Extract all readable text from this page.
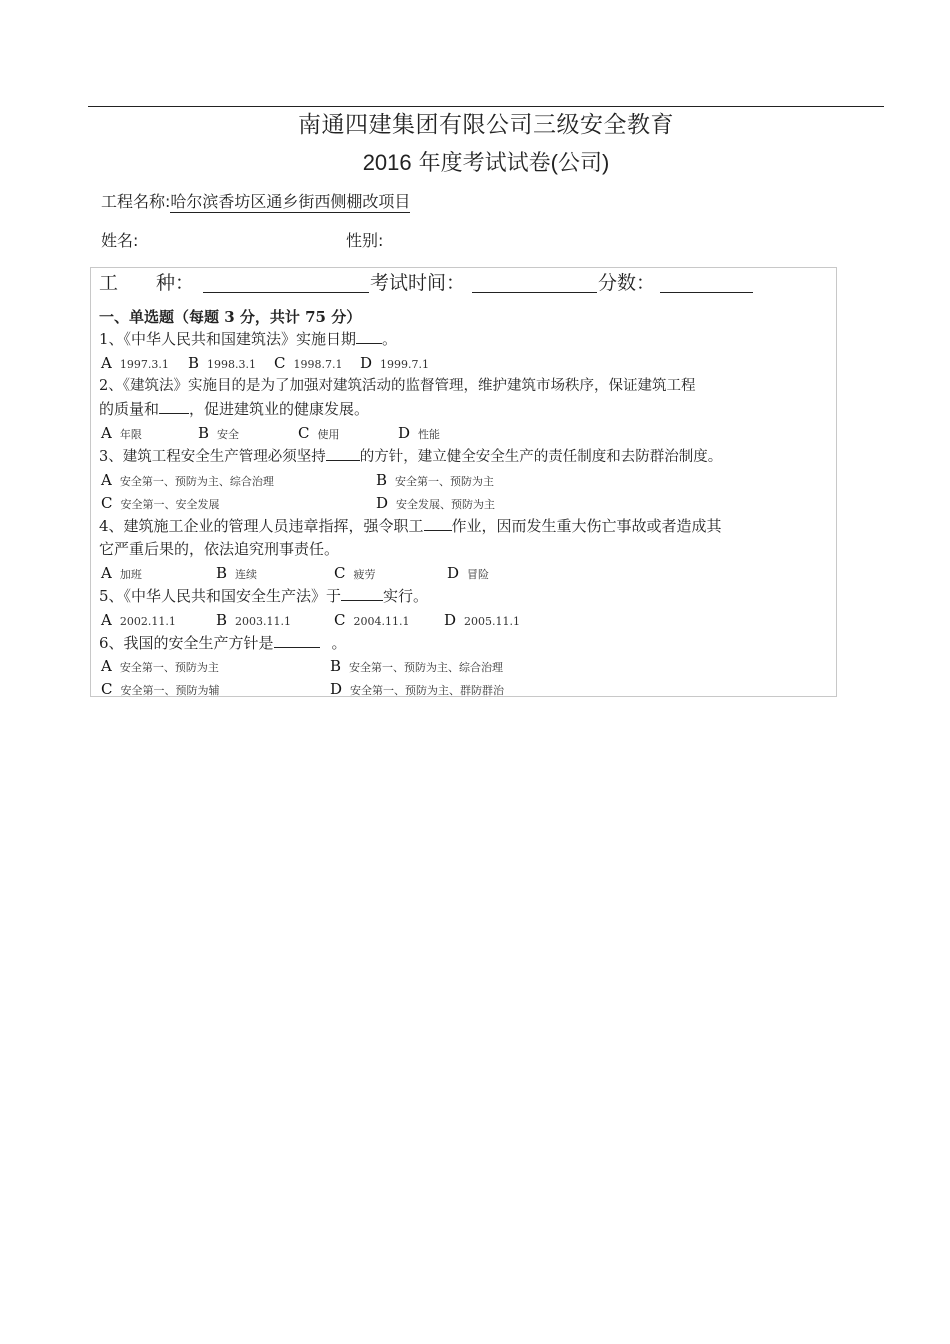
南通四建集团有限公司三级安全教育
2016 年度考试试卷(公司)
工程名称:哈尔滨香坊区通乡街西侧棚改项目
姓名:	性别:
工　　种：	考试时间：	分数：
一、单选题（每题 3 分，共计 75 分）
1、《中华人民共和国建筑法》实施日期 。
A 1997.3.1 B 1998.3.1 C 1998.7.1 D 1999.7.1
2、《建筑法》实施目的是为了加强对建筑活动的监督管理，维护建筑市场秩序，保证建筑工程
的质量和 ，促进建筑业的健康发展。
A 年限	B 安全	C 使用	D 性能
3、建筑工程安全生产管理必须坚持 的方针，建立健全安全生产的责任制度和去防群治制度。
A 安全第一、预防为主、综合治理	B 安全第一、预防为主
C 安全第一、安全发展	D 安全发展、预防为主
4、建筑施工企业的管理人员违章指挥，强令职工 作业，因而发生重大伤亡事故或者造成其
它严重后果的，依法追究刑事责任。
A 加班	B 连续	C 疲劳	D 冒险
5、《中华人民共和国安全生产法》于	实行。
A 2002.11.1	B 2003.11.1	C 2004.11.1 D 2005.11.1
6、我国的安全生产方针是	。
A 安全第一、预防为主	B 安全第一、预防为主、综合治理
C 安全第一、预防为辅	D 安全第一、预防为主、群防群治
